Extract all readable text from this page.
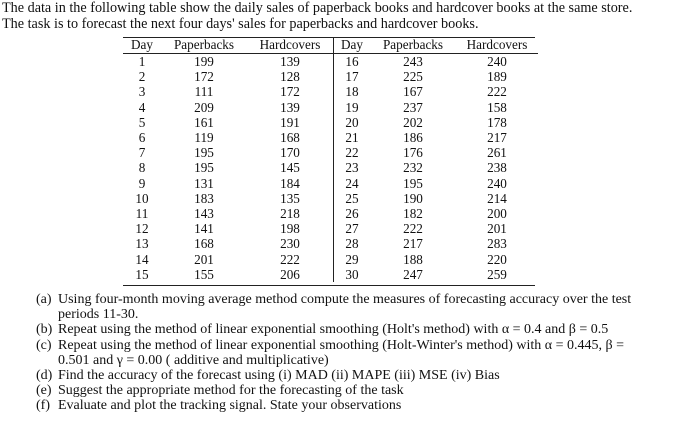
The data in the following table show the daily sales of paperback books and hardcover books at the same store.
The task is to forecast the next four days' sales for paperbacks and hardcover books.
Day	Paperbacks	Hardcovers	Day	Paperbacks	Hardcovers
1	199	139	16	243	240
2	172	128	17	225	189
3	111	172	18	167	222
4	209	139	19	237	158
5	161	191	20	202	178
6	119	168	21	186	217
7	195	170	22	176	261
8	195	145	23	232	238
9	131	184	24	195	240
10	183	135	25	190	214
11	143	218	26	182	200
12	141	198	27	222	201
13	168	230	28	217	283
14	201	222	29	188	220
15	155	206	30	247	259
(a) Using four-month moving average method compute the measures of forecasting accuracy over the test
periods 11-30.
(b) Repeat using the method of linear exponential smoothing (Holt's method) with α = 0.4 and β = 0.5
(c) Repeat using the method of linear exponential smoothing (Holt-Winter's method) with α = 0.445, β =
0.501 and γ = 0.00 ( additive and multiplicative)
(d) Find the accuracy of the forecast using (i) MAD (ii) MAPE (iii) MSE (iv) Bias
(e) Suggest the appropriate method for the forecasting of the task
(f) Evaluate and plot the tracking signal. State your observations
